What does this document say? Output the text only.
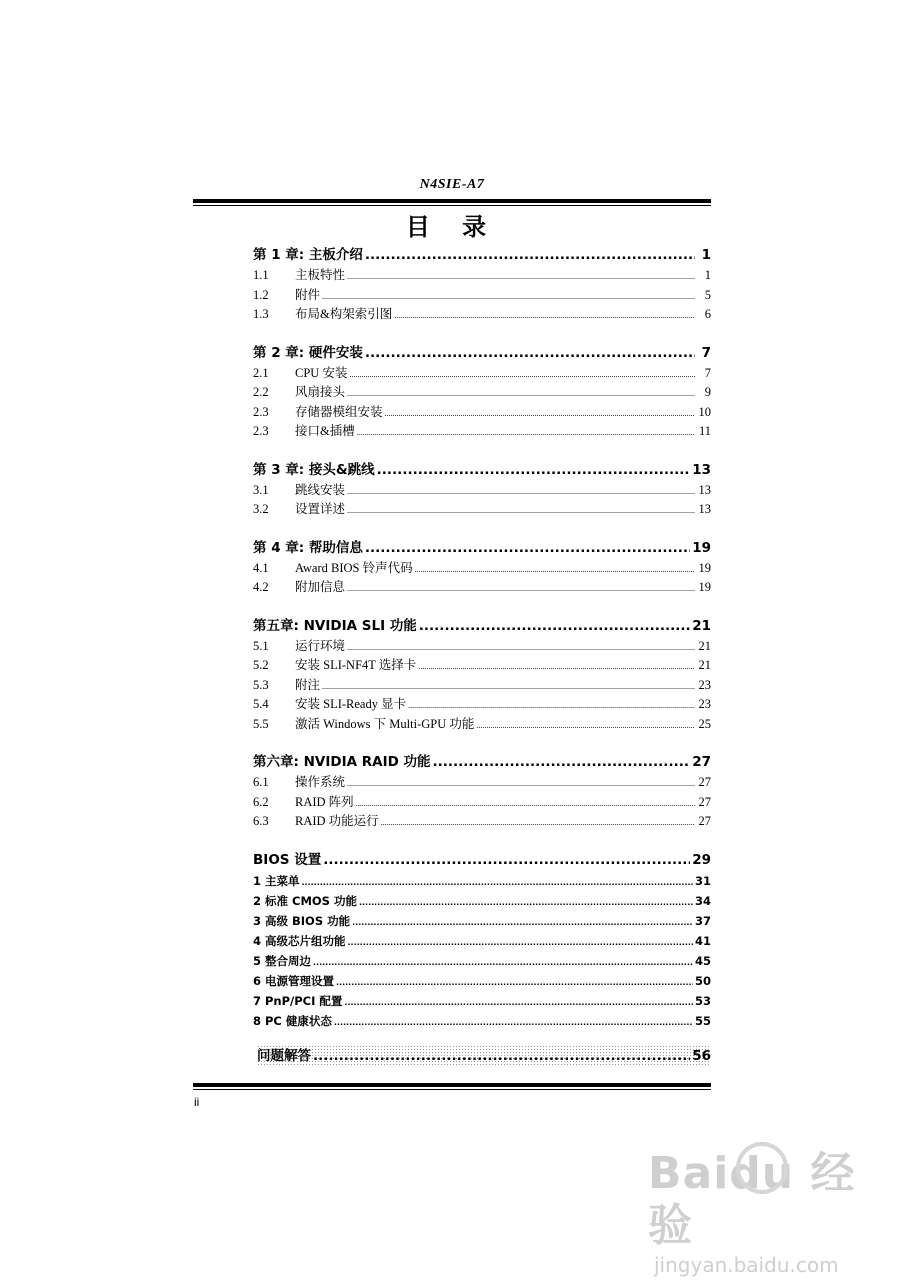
N4SIE-A7
目 录
第 1 章: 主板介绍 .....	1
1.1	主板特性 .....	1
1.2	附件 .....	5
1.3	布局&构架索引图 .....	6
第 2 章: 硬件安装 .....	7
2.1	CPU 安装 .....	7
2.2	风扇接头 .....	9
2.3	存储器模组安装 .....	10
2.3	接口&插槽 .....	11
第 3 章: 接头&跳线 .....	13
3.1	跳线安装 .....	13
3.2	设置详述 .....	13
第 4 章: 帮助信息 .....	19
4.1	Award BIOS 铃声代码 .....	19
4.2	附加信息 .....	19
第五章: NVIDIA SLI 功能 .....	21
5.1	运行环境 .....	21
5.2	安装 SLI-NF4T 选择卡 .....	21
5.3	附注 .....	23
5.4	安装 SLI-Ready 显卡 .....	23
5.5	激活 Windows 下 Multi-GPU 功能 .....	25
第六章: NVIDIA RAID 功能 .....	27
6.1	操作系统 .....	27
6.2	RAID 阵列 .....	27
6.3	RAID 功能运行 .....	27
BIOS 设置 .....	29
1 主菜单 .....	31
2 标准 CMOS 功能 .....	34
3 高级 BIOS 功能 .....	37
4 高级芯片组功能 .....	41
5 整合周边 .....	45
6 电源管理设置 .....	50
7 PnP/PCI 配置 .....	53
8 PC 健康状态 .....	55
问题解答 .....	56
ii
Baidu 经验
jingyan.baidu.com
